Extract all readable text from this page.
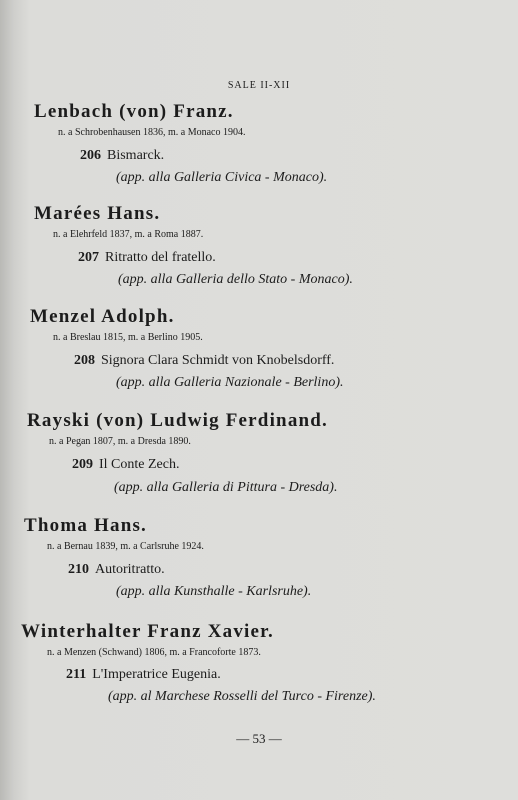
SALE II-XII
Lenbach (von) Franz.
n. a Schrobenhausen 1836, m. a Monaco 1904.
206 Bismarck.
(app. alla Galleria Civica - Monaco).
Marées Hans.
n. a Elehrfeld 1837, m. a Roma 1887.
207 Ritratto del fratello.
(app. alla Galleria dello Stato - Monaco).
Menzel Adolph.
n. a Breslau 1815, m. a Berlino 1905.
208 Signora Clara Schmidt von Knobelsdorff.
(app. alla Galleria Nazionale - Berlino).
Rayski (von) Ludwig Ferdinand.
n. a Pegan 1807, m. a Dresda 1890.
209 Il Conte Zech.
(app. alla Galleria di Pittura - Dresda).
Thoma Hans.
n. a Bernau 1839, m. a Carlsruhe 1924.
210 Autoritratto.
(app. alla Kunsthalle - Karlsruhe).
Winterhalter Franz Xavier.
n. a Menzen (Schwand) 1806, m. a Francoforte 1873.
211 L'Imperatrice Eugenia.
(app. al Marchese Rosselli del Turco - Firenze).
— 53 —
